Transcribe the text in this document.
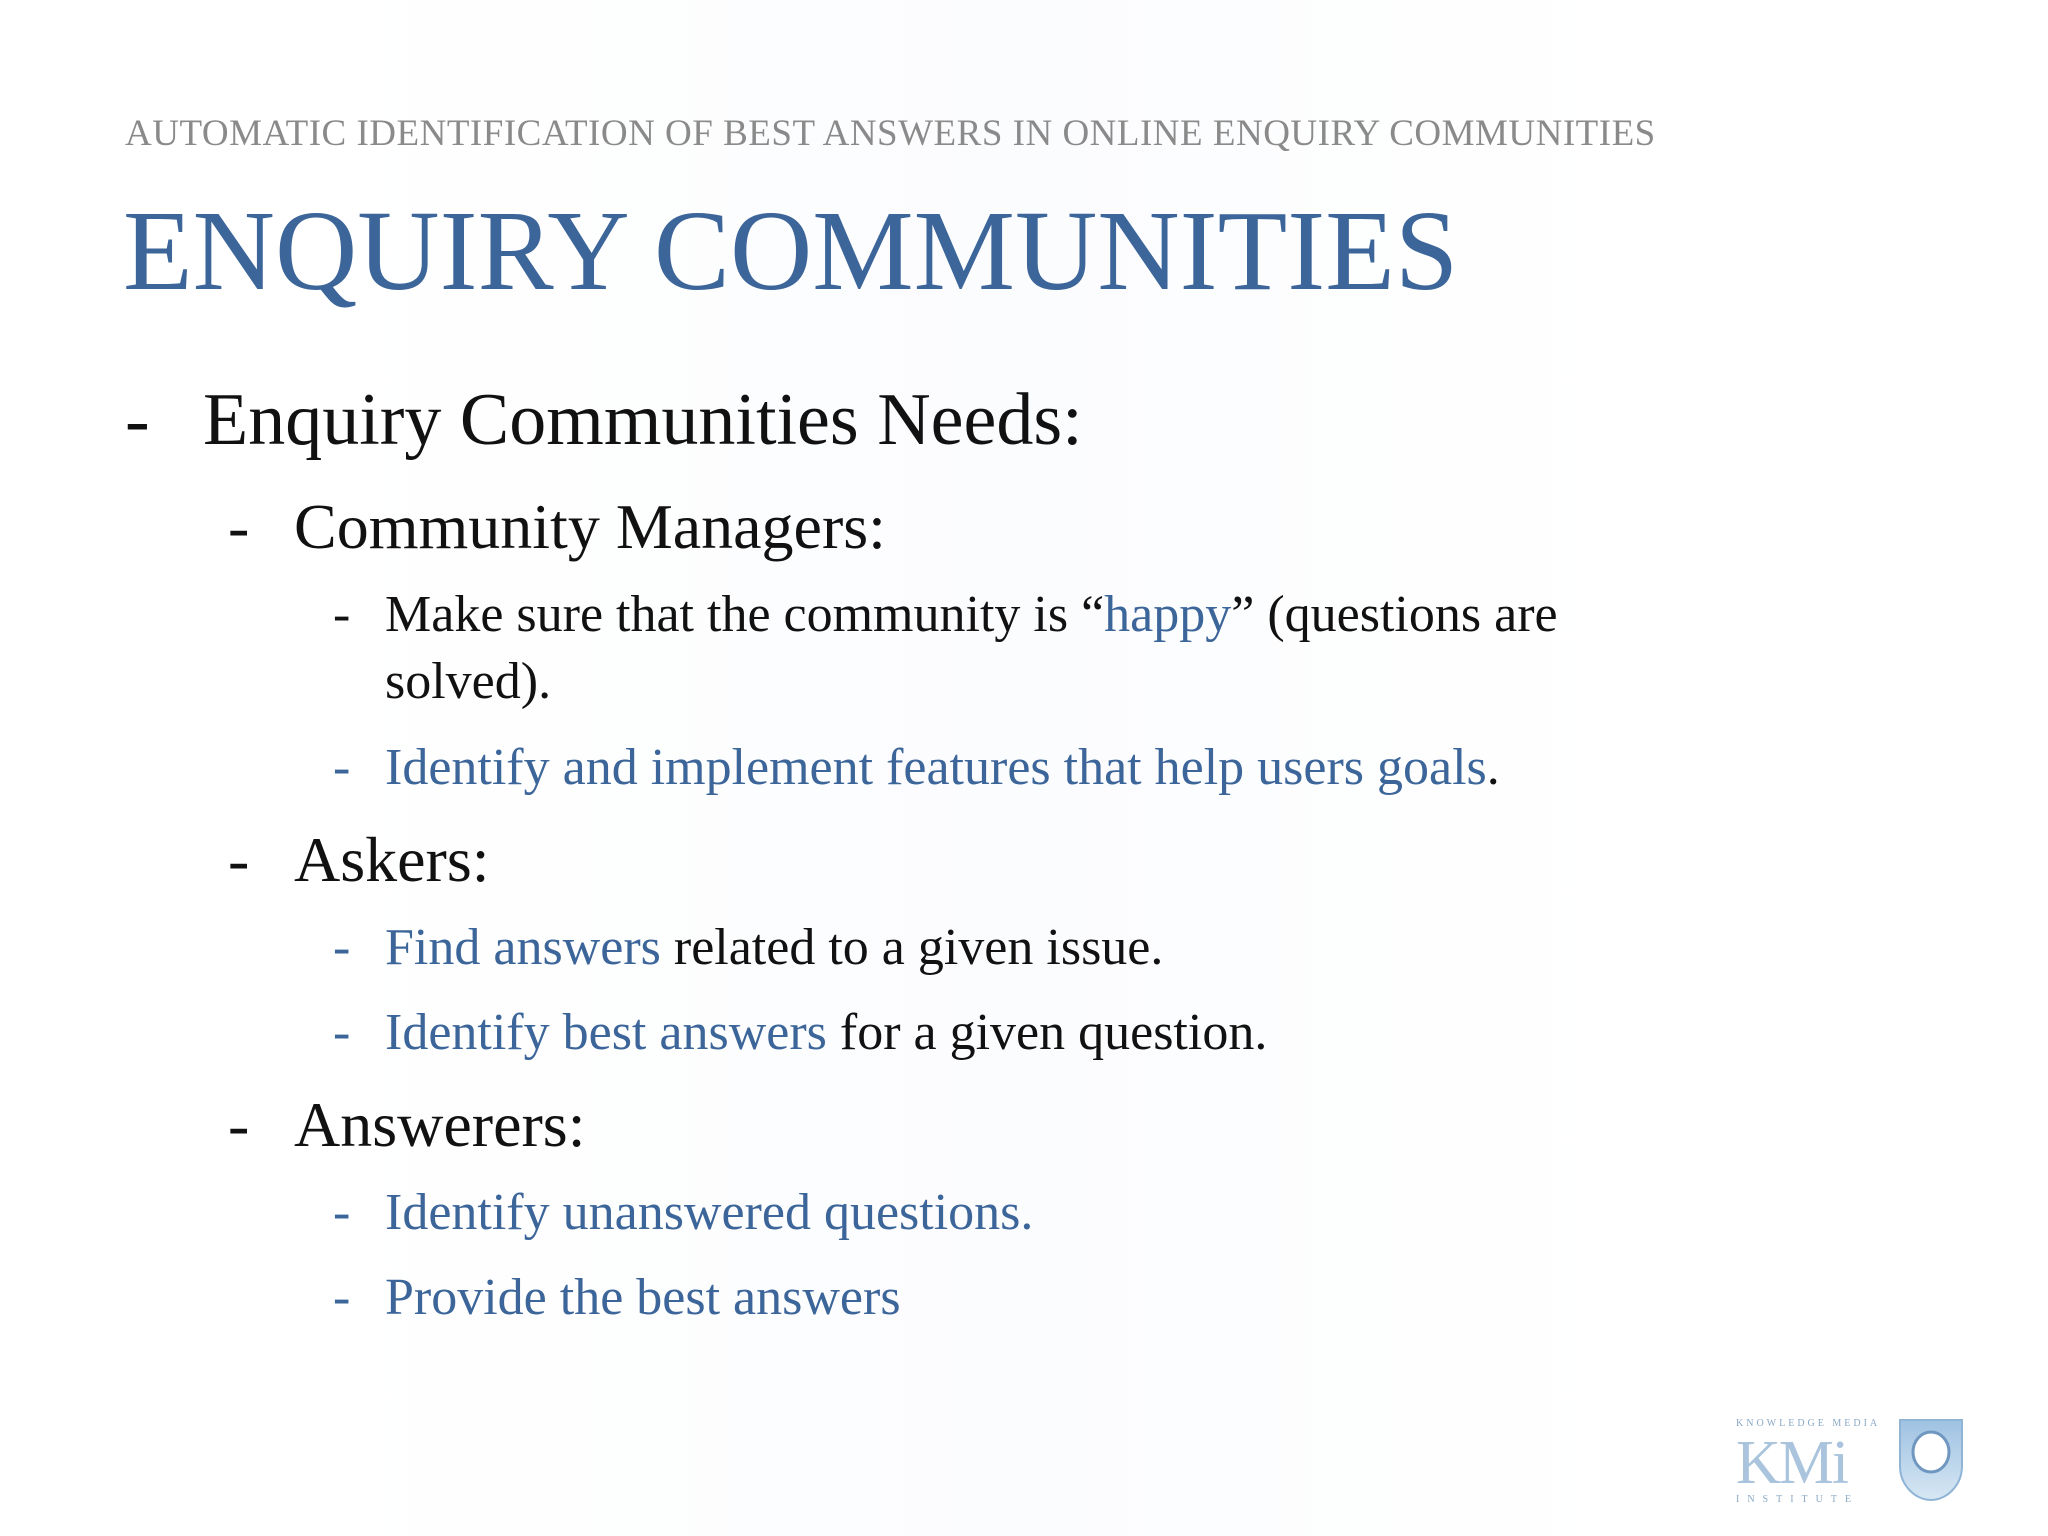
AUTOMATIC IDENTIFICATION OF BEST ANSWERS IN ONLINE ENQUIRY COMMUNITIES
ENQUIRY COMMUNITIES
- Enquiry Communities Needs:
- Community Managers:
- Make sure that the community is “happy” (questions are
solved).
- Identify and implement features that help users goals.
- Askers:
- Find answers related to a given issue.
- Identify best answers for a given question.
- Answerers:
- Identify unanswered questions.
- Provide the best answers
KNOWLEDGE MEDIA
KMi
INSTITUTE
